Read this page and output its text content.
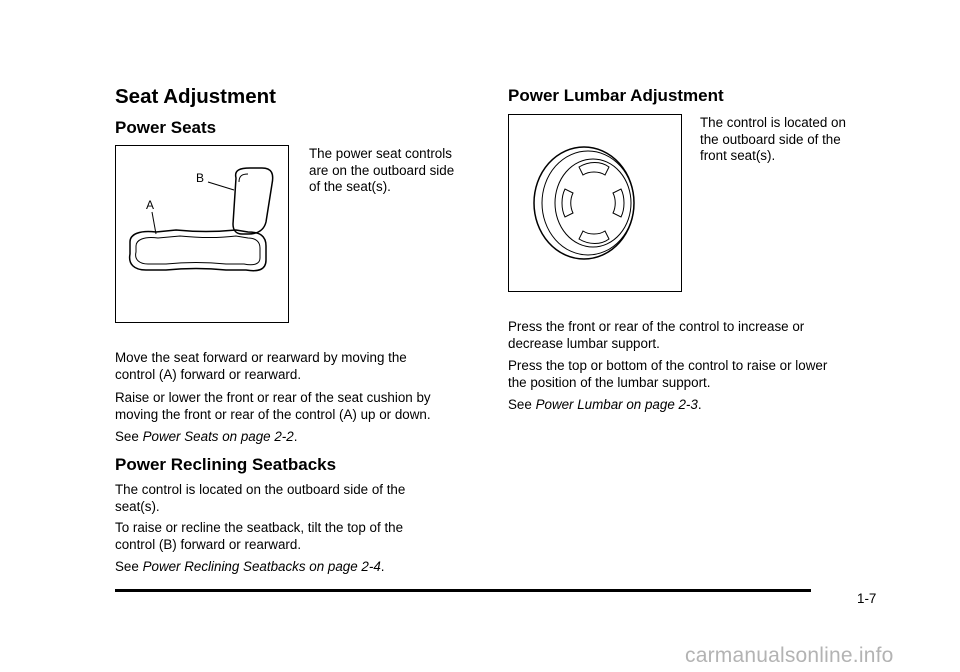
Seat Adjustment
Power Seats
B
A
The power seat controls
are on the outboard side
of the seat(s).
Move the seat forward or rearward by moving the
control (A) forward or rearward.
Raise or lower the front or rear of the seat cushion by
moving the front or rear of the control (A) up or down.
See Power Seats on page 2-2.
Power Reclining Seatbacks
The control is located on the outboard side of the
seat(s).
To raise or recline the seatback, tilt the top of the
control (B) forward or rearward.
See Power Reclining Seatbacks on page 2-4.
Power Lumbar Adjustment
The control is located on
the outboard side of the
front seat(s).
Press the front or rear of the control to increase or
decrease lumbar support.
Press the top or bottom of the control to raise or lower
the position of the lumbar support.
See Power Lumbar on page 2-3.
1-7
carmanualsonline.info
